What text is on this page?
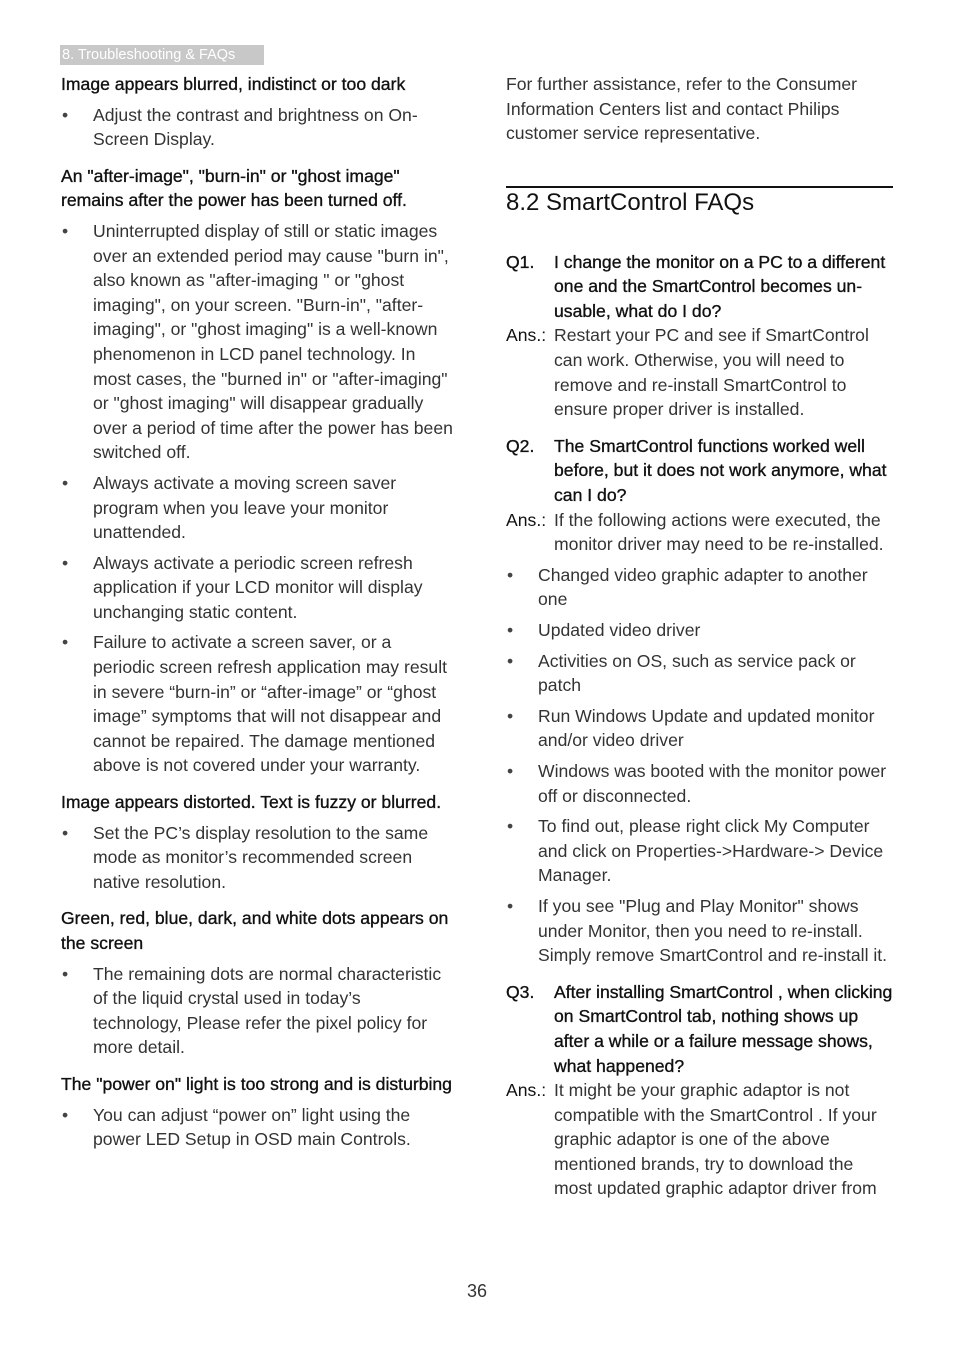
8. Troubleshooting & FAQs
Image appears blurred, indistinct or too dark
• Adjust the contrast and brightness on On-Screen Display.
An "after-image", "burn-in" or "ghost image" remains after the power has been turned off.
• Uninterrupted display of still or static images over an extended period may cause "burn in", also known as "after-imaging " or "ghost imaging", on your screen. "Burn-in", "after-imaging", or "ghost imaging" is a well-known phenomenon in LCD panel technology. In most cases, the "burned in" or "after-imaging" or "ghost imaging" will disappear gradually over a period of time after the power has been switched off.
• Always activate a moving screen saver program when you leave your monitor unattended.
• Always activate a periodic screen refresh application if your LCD monitor will display unchanging static content.
• Failure to activate a screen saver, or a periodic screen refresh application may result in severe “burn-in” or “after-image” or “ghost image” symptoms that will not disappear and cannot be repaired. The damage mentioned above is not covered under your warranty.
Image appears distorted. Text is fuzzy or blurred.
• Set the PC’s display resolution to the same mode as monitor’s recommended screen native resolution.
Green, red, blue, dark, and white dots appears on the screen
• The remaining dots are normal characteristic of the liquid crystal used in today’s technology, Please refer the pixel policy for more detail.
The "power on" light is too strong and is disturbing
• You can adjust “power on” light using the power LED Setup in OSD main Controls.

For further assistance, refer to the Consumer Information Centers list and contact Philips customer service representative.

8.2 SmartControl FAQs
Q1.	I change the monitor on a PC to a different one and the SmartControl becomes un-usable, what do I do?
Ans.: Restart your PC and see if SmartControl can work. Otherwise, you will need to remove and re-install SmartControl to ensure proper driver is installed.
Q2.	The SmartControl functions worked well before, but it does not work anymore, what can I do?
Ans.: If the following actions were executed, the monitor driver may need to be re-installed.
• Changed video graphic adapter to another one
• Updated video driver
• Activities on OS, such as service pack or patch
• Run Windows Update and updated monitor and/or video driver
• Windows was booted with the monitor power off or disconnected.
• To find out, please right click My Computer and click on Properties->Hardware-> Device Manager.
• If you see "Plug and Play Monitor" shows under Monitor, then you need to re-install. Simply remove SmartControl and re-install it.
Q3.	After installing SmartControl , when clicking on SmartControl tab, nothing shows up after a while or a failure message shows, what happened?
Ans.: It might be your graphic adaptor is not compatible with the SmartControl . If your graphic adaptor is one of the above mentioned brands, try to download the most updated graphic adaptor driver from
36
